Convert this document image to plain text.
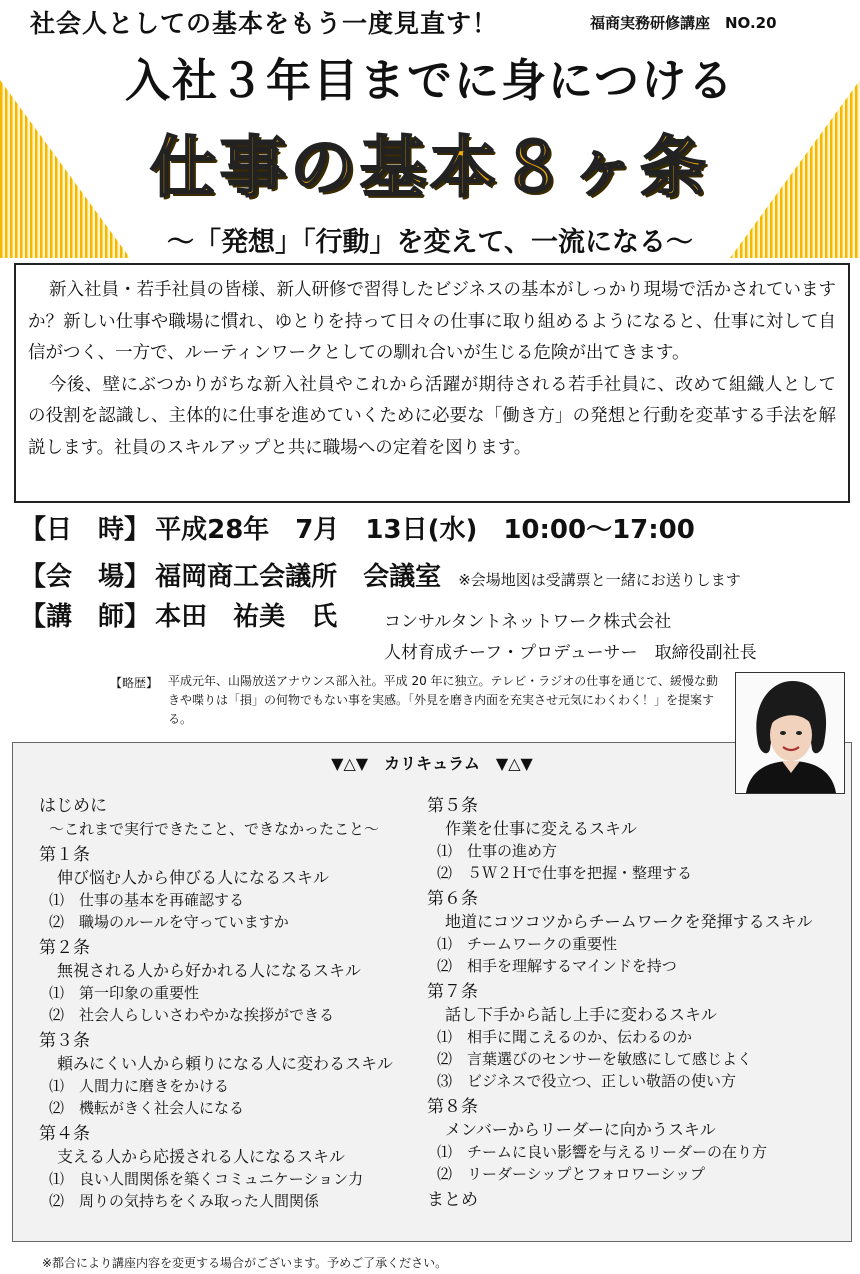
社会人としての基本をもう一度見直す！	福商実務研修講座　NO.20
入社３年目までに身につける
仕事の基本８ヶ条
〜「発想」「行動」を変えて、一流になる〜

新入社員・若手社員の皆様、新人研修で習得したビジネスの基本がしっかり現場で活かされていますか？新しい仕事や職場に慣れ、ゆとりを持って日々の仕事に取り組めるようになると、仕事に対して自信がつく、一方で、ルーティンワークとしての馴れ合いが生じる危険が出てきます。

今後、壁にぶつかりがちな新入社員やこれから活躍が期待される若手社員に、改めて組織人としての役割を認識し、主体的に仕事を進めていくために必要な「働き方」の発想と行動を変革する手法を解説します。社員のスキルアップと共に職場への定着を図ります。

【日　時】 平成28年　7月　13日(水)　10:00〜17:00
【会　場】 福岡商工会議所　会議室 ※会場地図は受講票と一緒にお送りします
【講　師】 本田　祐美　氏	コンサルタントネットワーク株式会社
人材育成チーフ・プロデューサー　取締役副社長
【略歴】 平成元年、山陽放送アナウンス部入社。平成 20 年に独立。テレビ・ラジオの仕事を通じて、緩慢な動きや喋りは「損」の何物でもない事を実感。「外見を磨き内面を充実させ元気にわくわく！」を提案する。
▼△▼　カリキュラム　▼△▼
はじめに
〜これまで実行できたこと、できなかったこと〜
第１条
伸び悩む人から伸びる人になるスキル
⑴　仕事の基本を再確認する
⑵　職場のルールを守っていますか
第２条
無視される人から好かれる人になるスキル
⑴　第一印象の重要性
⑵　社会人らしいさわやかな挨拶ができる
第３条
頼みにくい人から頼りになる人に変わるスキル
⑴　人間力に磨きをかける
⑵　機転がきく社会人になる
第４条
支える人から応援される人になるスキル
⑴　良い人間関係を築くコミュニケーション力
⑵　周りの気持ちをくみ取った人間関係
第５条
作業を仕事に変えるスキル
⑴　仕事の進め方
⑵　５Ｗ２Ｈで仕事を把握・整理する
第６条
地道にコツコツからチームワークを発揮するスキル
⑴　チームワークの重要性
⑵　相手を理解するマインドを持つ
第７条
話し下手から話し上手に変わるスキル
⑴　相手に聞こえるのか、伝わるのか
⑵　言葉選びのセンサーを敏感にして感じよく
⑶　ビジネスで役立つ、正しい敬語の使い方
第８条
メンバーからリーダーに向かうスキル
⑴　チームに良い影響を与えるリーダーの在り方
⑵　リーダーシップとフォロワーシップ
まとめ
※都合により講座内容を変更する場合がございます。予めご了承ください。
